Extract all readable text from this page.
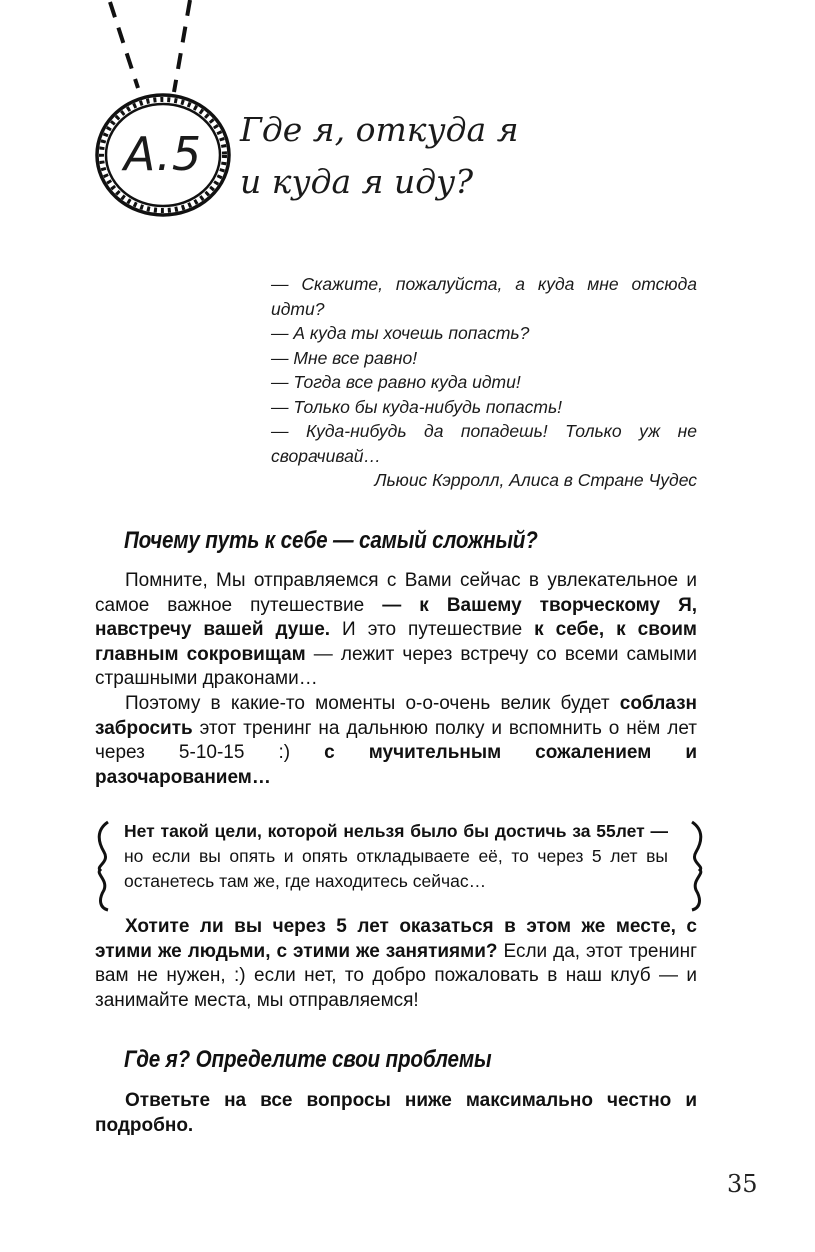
А.5	Где я, откуда я
и куда я иду?

— Скажите, пожалуйста, а куда мне отсюда идти?

— А куда ты хочешь попасть?

— Мне все равно!

— Тогда все равно куда идти!

— Только бы куда-нибудь попасть!

— Куда-нибудь да попадешь! Только уж не сворачивай…

Льюис Кэрролл, Алиса в Стране Чудес

Почему путь к себе — самый сложный?

Помните, Мы отправляемся с Вами сейчас в увлекательное и самое важное путешествие — к Вашему творческому Я, навстречу вашей душе. И это путешествие к себе, к своим главным сокровищам — лежит через встречу со всеми самыми страшными драконами…

Поэтому в какие-то моменты о-о-очень велик будет соблазн забросить этот тренинг на дальнюю полку и вспомнить о нём лет через 5-10-15 :) с мучительным сожалением и разочарованием…

Нет такой цели, которой нельзя было бы достичь за 55лет — но если вы опять и опять откладываете её, то через 5 лет вы останетесь там же, где находитесь сейчас…

Хотите ли вы через 5 лет оказаться в этом же месте, с этими же людьми, с этими же занятиями? Если да, этот тренинг вам не нужен, :) если нет, то добро пожаловать в наш клуб — и занимайте места, мы отправляемся!

Где я? Определите свои проблемы

Ответьте на все вопросы ниже максимально честно и подробно.

35
